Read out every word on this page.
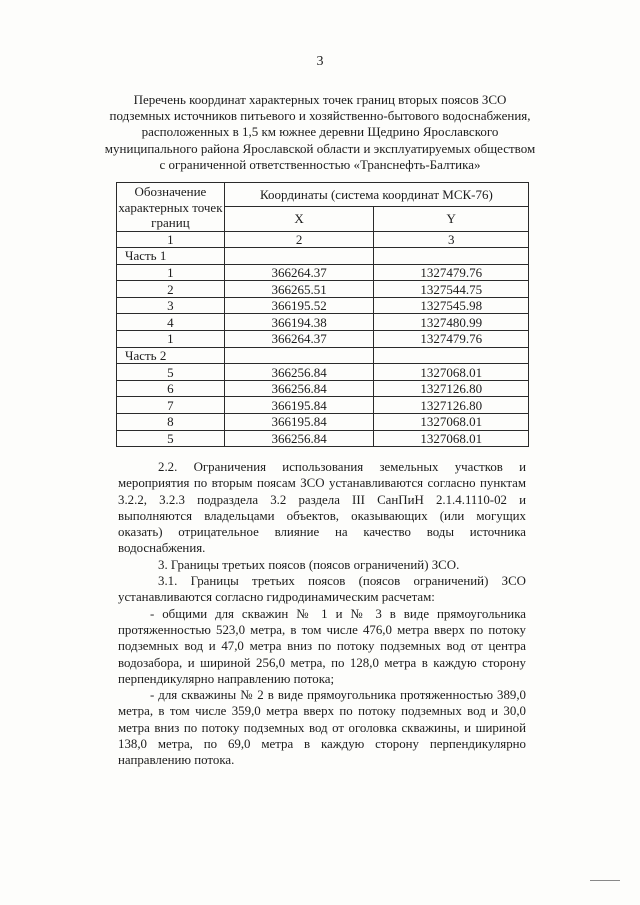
3
Перечень координат характерных точек границ вторых поясов ЗСО
подземных источников питьевого и хозяйственно-бытового водоснабжения,
расположенных в 1,5 км южнее деревни Щедрино Ярославского
муниципального района Ярославской области и эксплуатируемых обществом
с ограниченной ответственностью «Транснефть-Балтика»
Обозначение характерных точек границ	Координаты (система координат МСК-76)	
	X	Y
1	2	3
Часть 1		
1	366264.37	1327479.76
2	366265.51	1327544.75
3	366195.52	1327545.98
4	366194.38	1327480.99
1	366264.37	1327479.76
Часть 2		
5	366256.84	1327068.01
6	366256.84	1327126.80
7	366195.84	1327126.80
8	366195.84	1327068.01
5	366256.84	1327068.01

2.2. Ограничения использования земельных участков и мероприятия по вторым поясам ЗСО устанавливаются согласно пунктам 3.2.2, 3.2.3 подраздела 3.2 раздела III СанПиН 2.1.4.1110-02 и выполняются владельцами объектов, оказывающих (или могущих оказать) отрицательное влияние на качество воды источника водоснабжения.

3. Границы третьих поясов (поясов ограничений) ЗСО.

3.1. Границы третьих поясов (поясов ограничений) ЗСО устанавливаются согласно гидродинамическим расчетам:

- общими для скважин № 1 и № 3 в виде прямоугольника протяженностью 523,0 метра, в том числе 476,0 метра вверх по потоку подземных вод и 47,0 метра вниз по потоку подземных вод от центра водозабора, и шириной 256,0 метра, по 128,0 метра в каждую сторону перпендикулярно направлению потока;

- для скважины № 2 в виде прямоугольника протяженностью 389,0 метра, в том числе 359,0 метра вверх по потоку подземных вод и 30,0 метра вниз по потоку подземных вод от оголовка скважины, и шириной 138,0 метра, по 69,0 метра в каждую сторону перпендикулярно направлению потока.
